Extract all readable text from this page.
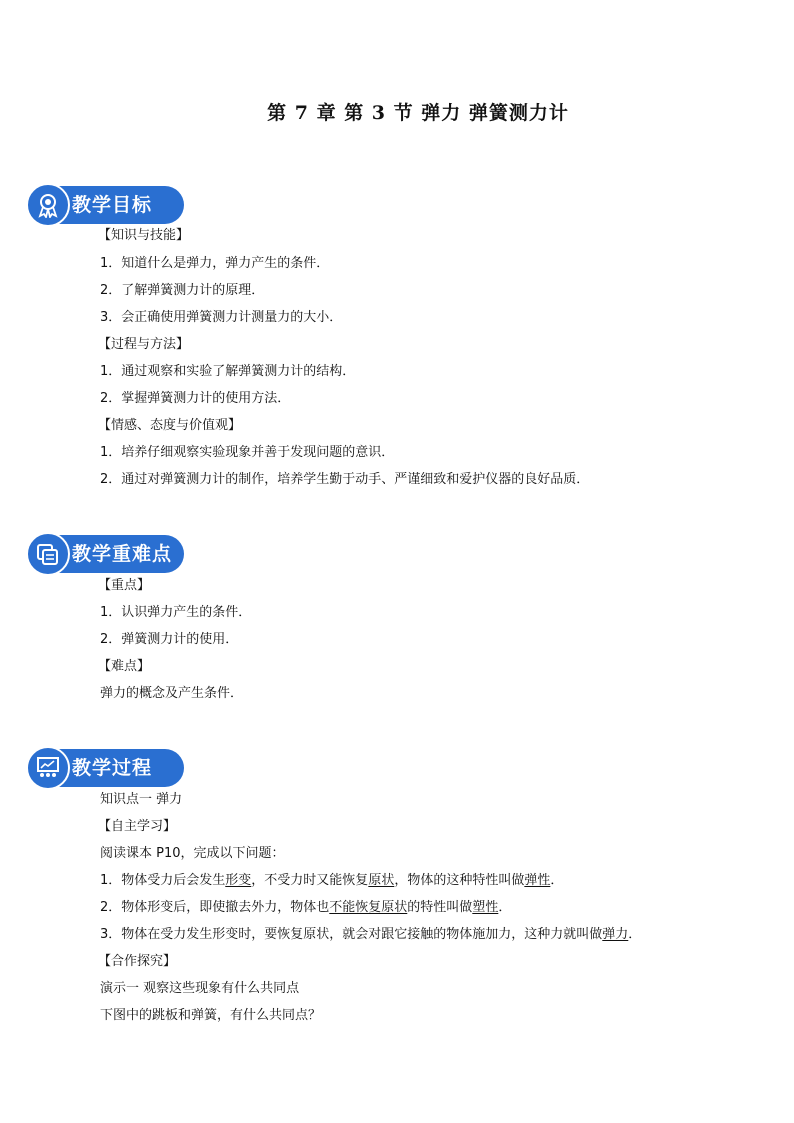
第 7 章 第 3 节 弹力 弹簧测力计
教学目标
【知识与技能】
1．知道什么是弹力，弹力产生的条件．
2．了解弹簧测力计的原理．
3．会正确使用弹簧测力计测量力的大小．
【过程与方法】
1．通过观察和实验了解弹簧测力计的结构．
2．掌握弹簧测力计的使用方法．
【情感、态度与价值观】
1．培养仔细观察实验现象并善于发现问题的意识．
2．通过对弹簧测力计的制作，培养学生勤于动手、严谨细致和爱护仪器的良好品质．
教学重难点
【重点】
1．认识弹力产生的条件．
2．弹簧测力计的使用．
【难点】
弹力的概念及产生条件．
教学过程
知识点一 弹力
【自主学习】
阅读课本 P10，完成以下问题：
1．物体受力后会发生形变，不受力时又能恢复原状，物体的这种特性叫做弹性．
2．物体形变后，即使撤去外力，物体也不能恢复原状的特性叫做塑性．
3．物体在受力发生形变时，要恢复原状，就会对跟它接触的物体施加力，这种力就叫做弹力．
【合作探究】
演示一 观察这些现象有什么共同点
下图中的跳板和弹簧，有什么共同点？
